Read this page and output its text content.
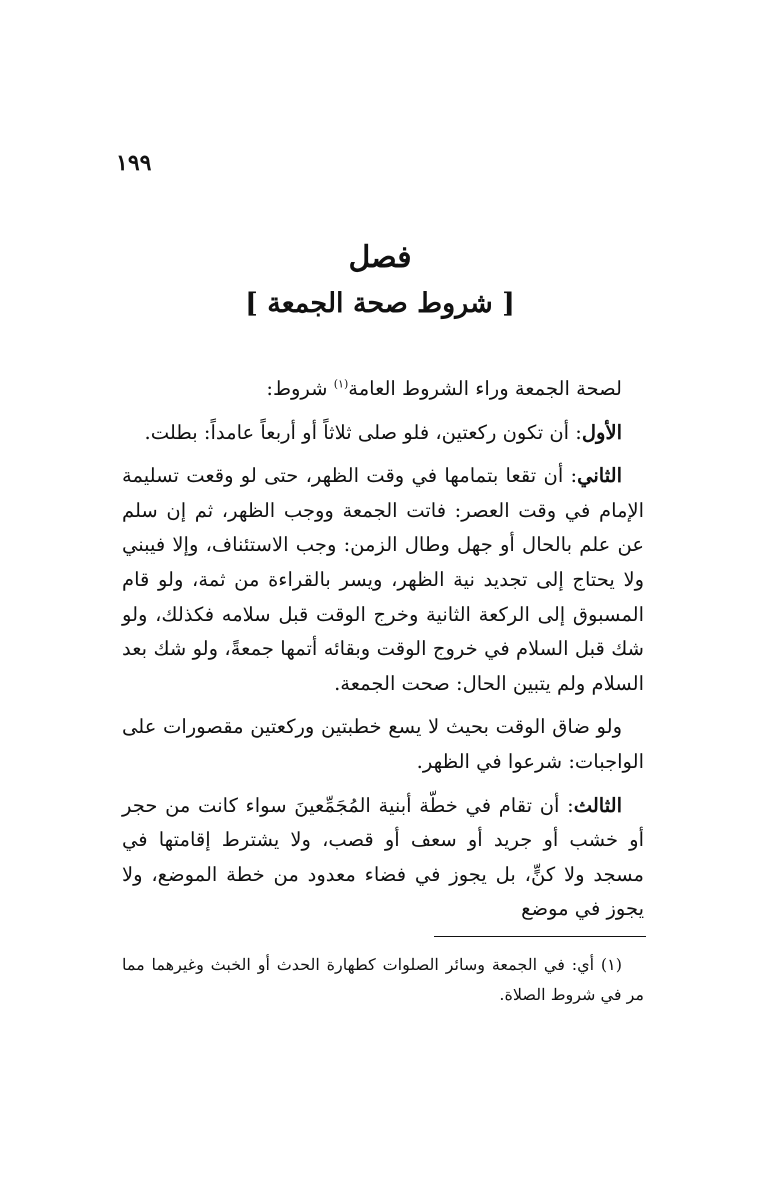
١٩٩
فصل
[ شروط صحة الجمعة ]

لصحة الجمعة وراء الشروط العامة$^{(١)}$ شروط:

الأول: أن تكون ركعتين، فلو صلى ثلاثاً أو أربعاً عامداً: بطلت.

الثاني: أن تقعا بتمامها في وقت الظهر، حتى لو وقعت تسليمة الإمام في وقت العصر: فاتت الجمعة ووجب الظهر، ثم إن سلم عن علم بالحال أو جهل وطال الزمن: وجب الاستئناف، وإلا فيبني ولا يحتاج إلى تجديد نية الظهر، ويسر بالقراءة من ثمة، ولو قام المسبوق إلى الركعة الثانية وخرج الوقت قبل سلامه فكذلك، ولو شك قبل السلام في خروج الوقت وبقائه أتمها جمعةً، ولو شك بعد السلام ولم يتبين الحال: صحت الجمعة.

ولو ضاق الوقت بحيث لا يسع خطبتين وركعتين مقصورات على الواجبات: شرعوا في الظهر.

الثالث: أن تقام في خطّة أبنية المُجَمِّعينَ سواء كانت من حجر أو خشب أو جريد أو سعف أو قصب، ولا يشترط إقامتها في مسجد ولا كنٍّ، بل يجوز في فضاء معدود من خطة الموضع، ولا يجوز في موضع

(١) أي: في الجمعة وسائر الصلوات كطهارة الحدث أو الخبث وغيرهما مما مر في شروط الصلاة.
